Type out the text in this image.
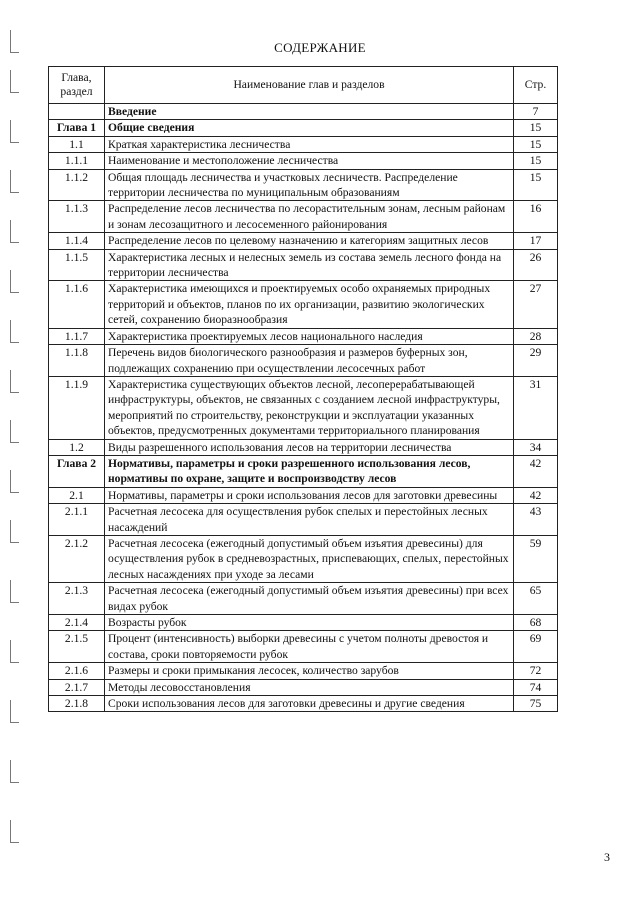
СОДЕРЖАНИЕ
Глава, раздел	Наименование глав и разделов	Стр.
	Введение	7
Глава 1	Общие сведения	15
1.1	Краткая характеристика лесничества	15
1.1.1	Наименование и местоположение лесничества	15
1.1.2	Общая площадь лесничества и участковых лесничеств. Распределение территории лесничества по муниципальным образованиям	15
1.1.3	Распределение лесов лесничества по лесорастительным зонам, лесным районам и зонам лесозащитного и лесосеменного районирования	16
1.1.4	Распределение лесов по целевому назначению и категориям защитных лесов	17
1.1.5	Характеристика лесных и нелесных земель из состава земель лесного фонда на территории лесничества	26
1.1.6	Характеристика имеющихся и проектируемых особо охраняемых природных территорий и объектов, планов по их организации, развитию экологических сетей, сохранению биоразнообразия	27
1.1.7	Характеристика проектируемых лесов национального наследия	28
1.1.8	Перечень видов биологического разнообразия и размеров буферных зон, подлежащих сохранению при осуществлении лесосечных работ	29
1.1.9	Характеристика существующих объектов лесной, лесоперерабатывающей инфраструктуры, объектов, не связанных с созданием лесной инфраструктуры, мероприятий по строительству, реконструкции и эксплуатации указанных объектов, предусмотренных документами территориального планирования	31
1.2	Виды разрешенного использования лесов на территории лесничества	34
Глава 2	Нормативы, параметры и сроки разрешенного использования лесов, нормативы по охране, защите и воспроизводству лесов	42
2.1	Нормативы, параметры и сроки использования лесов для заготовки древесины	42
2.1.1	Расчетная лесосека для осуществления рубок спелых и перестойных лесных насаждений	43
2.1.2	Расчетная лесосека (ежегодный допустимый объем изъятия древесины) для осуществления рубок в средневозрастных, приспевающих, спелых, перестойных лесных насаждениях при уходе за лесами	59
2.1.3	Расчетная лесосека (ежегодный допустимый объем изъятия древесины) при всех видах рубок	65
2.1.4	Возрасты рубок	68
2.1.5	Процент (интенсивность) выборки древесины с учетом полноты древостоя и состава, сроки повторяемости рубок	69
2.1.6	Размеры и сроки примыкания лесосек, количество зарубов	72
2.1.7	Методы лесовосстановления	74
2.1.8	Сроки использования лесов для заготовки древесины и другие сведения	75
3
